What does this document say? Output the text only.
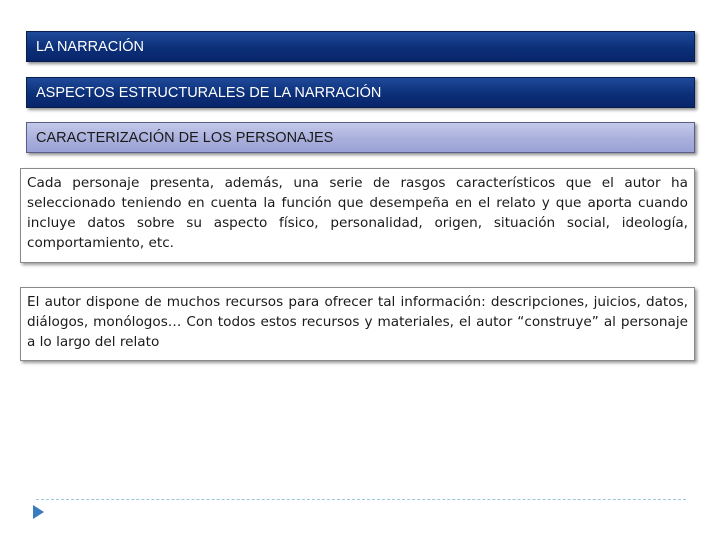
LA NARRACIÓN
ASPECTOS ESTRUCTURALES DE LA NARRACIÓN
CARACTERIZACIÓN DE LOS PERSONAJES
Cada personaje presenta, además, una serie de rasgos característicos que el autor ha seleccionado teniendo en cuenta la función que desempeña en el relato y que aporta cuando incluye datos sobre su aspecto físico, personalidad, origen, situación social, ideología, comportamiento, etc.
El autor dispone de muchos recursos para ofrecer tal información: descripciones, juicios, datos, diálogos, monólogos… Con todos estos recursos y materiales, el autor “construye” al personaje a lo largo del relato
